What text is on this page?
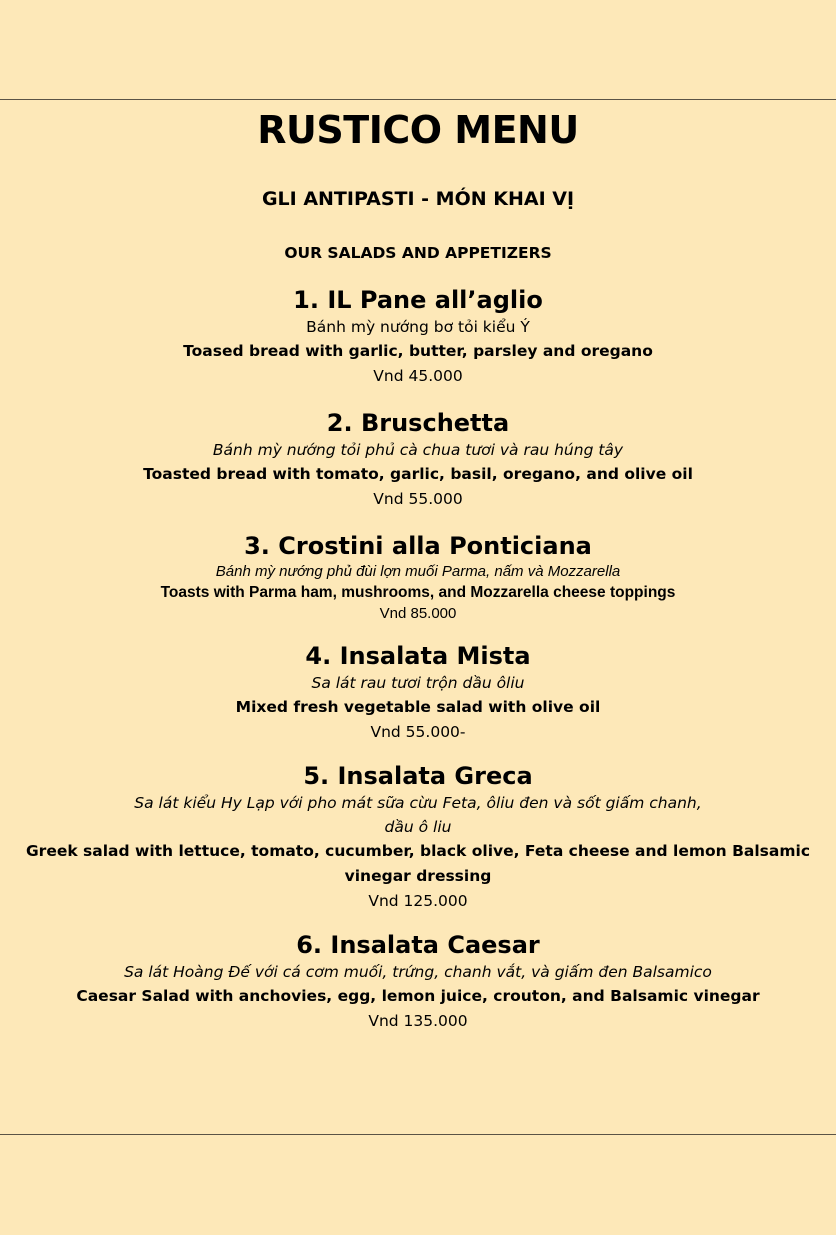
RUSTICO MENU
GLI ANTIPASTI - MÓN KHAI VỊ
OUR SALADS AND APPETIZERS
1. IL Pane all’aglio
Bánh mỳ nướng bơ tỏi kiểu Ý
Toased bread with garlic, butter, parsley and oregano
Vnd 45.000
2. Bruschetta
Bánh mỳ nướng tỏi phủ cà chua tươi và rau húng tây
Toasted bread with tomato, garlic, basil, oregano, and olive oil
Vnd 55.000
3. Crostini alla Ponticiana
Bánh mỳ nướng phủ đùi lợn muối Parma, nấm và Mozzarella
Toasts with Parma ham, mushrooms, and Mozzarella cheese toppings
Vnd 85.000
4. Insalata Mista
Sa lát rau tươi trộn dầu ôliu
Mixed fresh vegetable salad with olive oil
Vnd 55.000-
5. Insalata Greca
Sa lát kiểu Hy Lạp với pho mát sữa cừu Feta, ôliu đen và sốt giấm chanh,
dầu ô liu
Greek salad with lettuce, tomato, cucumber, black olive, Feta cheese and lemon Balsamic
vinegar dressing
Vnd 125.000
6. Insalata Caesar
Sa lát Hoàng Đế với cá cơm muối, trứng, chanh vắt, và giấm đen Balsamico
Caesar Salad with anchovies, egg, lemon juice, crouton, and Balsamic vinegar
Vnd 135.000
